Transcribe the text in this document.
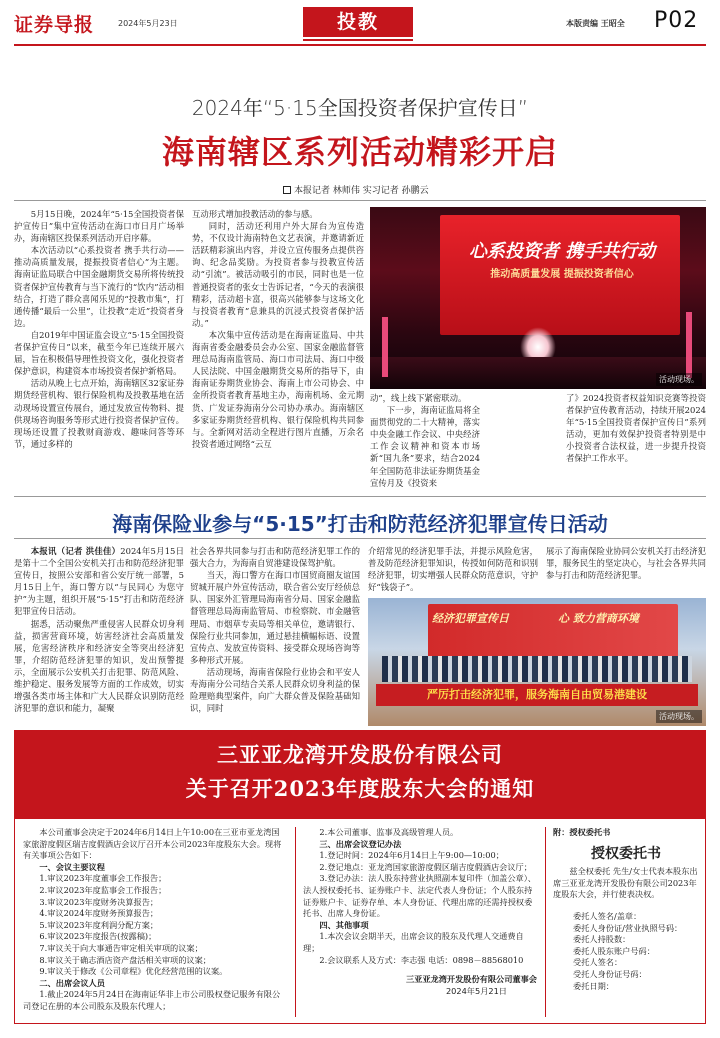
证券导报	2024年5月23日	投教	本版责编 王昭全 P02
2024年“5·15全国投资者保护宣传日”
海南辖区系列活动精彩开启
本报记者 林师伟 实习记者 孙鹏云

5月15日晚，2024年“5·15全国投资者保护宣传日”集中宣传活动在海口市日月广场举办，海南辖区投保系列活动开启序幕。

本次活动以“心系投资者 携手共行动——推动高质量发展，提振投资者信心”为主题。海南证监局联合中国金融期货交易所将传统投资者保护宣传教育与当下流行的“饮内”活动相结合，打造了群众喜闻乐见的“投教市集”，打通传播“最后一公里”，让投教“走近”投资者身边。

自2019年中国证监会设立“5·15全国投资者保护宣传日”以来，截至今年已连续开展六届，旨在积极倡导理性投资文化，强化投资者保护意识，构建资本市场投资者保护新格局。

活动从晚上七点开始，海南辖区32家证券期货经营机构、银行保险机构及投教基地在活动现场设置宣传展台，通过发放宣传物料、提供现场咨询服务等形式进行投资者保护宣传。现场还设置了投教财商游戏、趣味问答等环节，通过多样的

互动形式增加投教活动的参与感。

同时，活动还利用户外大屏台为宣传造势，不仅设计海南特色文艺表演，并邀请新近活跃精彩演出内容，并设立宣传服务点提供咨询、纪念品奖励。为投资者参与投教宣传活动“引流”。被活动吸引的市民，同时也是一位普通投资者的张女士告诉记者，“今天的表演很精彩，活动超卡富，很高兴能够参与这场文化与投资者教育”息兼具的沉浸式投资者保护活动。”

本次集中宣传活动是在海南证监局、中共海南省委金融委员会办公室、国家金融监督管理总局海南监管局、海口市司法局、海口中级人民法院、中国金融期货交易所的指导下，由海南证券期货业协会、海南上市公司协会、中金所投资者教育基地主办，海南机场、金元期货、广发证券海南分公司协办承办。海南辖区多家证券期货经营机构、银行保险机构共同参与。全新网对活动全程进行图片直播，万余名投资者通过网络“云互

心系投资者 携手共行动
推动高质量发展 提振投资者信心
活动现场。

动”，线上线下紧密联动。

下一步，海南证监局将全面贯彻党的二十大精神，落实中央金融工作会议、中央经济工作会议精神和资本市场新“国九条”要求，结合2024年全国防范非法证券期货基金宣传月及《投资来

了》2024投资者权益知识竞赛等投资者保护宣传教育活动，持续开展2024年“5·15全国投资者保护宣传日”系列活动，更加有效保护投资者特别是中小投资者合法权益，进一步提升投资者保护工作水平。

海南保险业参与“5·15”打击和防范经济犯罪宣传日活动

本报讯（记者 洪佳佳）2024年5月15日是第十二个全国公安机关打击和防范经济犯罪宣传日，按照公安部和省公安厅统一部署，5月15日上午，海口警方以“与民同心 为您守护”为主题，组织开展“5·15”打击和防范经济犯罪宣传日活动。

据悉，活动聚焦严重侵害人民群众切身利益，损害营商环境，妨害经济社会高质量发展，危害经济秩序和经济安全等突出经济犯罪，介绍防范经济犯罪的知识，发出预警提示，全面展示公安机关打击犯罪、防范风险、维护稳定、服务发展等方面的工作成效，切实增强各类市场主体和广大人民群众识别防范经济犯罪的意识和能力，凝聚

社会各界共同参与打击和防范经济犯罪工作的强大合力，为海南自贸港建设保驾护航。

当天，海口警方在海口市国贸商圈友谊国贸城开展户外宣传活动，联合省公安厅经侦总队、国家外汇管理局海南省分局、国家金融监督管理总局海南监管局、市检察院、市金融管理局、市烟草专卖局等相关单位，邀请银行、保险行业共同参加，通过悬挂横幅标语、设置宣传点、发放宣传资料、接受群众现场咨询等多种形式开展。

活动现场，海南省保险行业协会和平安人寿海南分公司结合关系人民群众切身利益的保险理赔典型案件，向广大群众普及保险基础知识，同时

介绍常见的经济犯罪手法，并提示风险危害，普及防范经济犯罪知识，传授如何防范和识别经济犯罪，切实增强人民群众防范意识，守护好“钱袋子”。

展示了海南保险业协同公安机关打击经济犯罪，服务民生的坚定决心，与社会各界共同参与打击和防范经济犯罪。

经济犯罪宣传日	心 致力营商环境
严厉打击经济犯罪，服务海南自由贸易港建设
活动现场。
三亚亚龙湾开发股份有限公司
关于召开2023年度股东大会的通知
本公司董事会决定于2024年6月14日上午10:00在三亚市亚龙湾国家旅游度假区瑞吉度假酒店会议厅召开本公司2023年度股东大会。现将有关事项公告如下：
一、会议主要议程
1.审议2023年度董事会工作报告；
2.审议2023年度监事会工作报告；
3.审议2023年度财务决算报告；
4.审议2024年度财务预算报告；
5.审议2023年度利润分配方案；
6.审议2023年度报告(按露稿)；
7.审议关于向大事通告审定相关审项的议案；
8.审议关于确志酒店资产盘活相关审项的议案；
9.审议关于修改《公司章程》优化经营范围的议案。
二、出席会议人员
1.截止2024年5月24日在海南证华非上市公司股权登记服务有限公司登记在册的本公司股东及股东代理人；
2.本公司董事、监事及高级管理人员。
三、出席会议登记办法
1.登记时间：2024年6月14日上午9:00—10:00；
2.登记地点：亚龙湾国家旅游度假区瑞吉度假酒店会议厅；
3.登记办法：法人股东持营业执照副本复印件（加盖公章）、法人授权委托书、证券账户卡、法定代表人身份证；个人股东持证券账户卡、证券存单、本人身份证、代理出席的还需持授权委托书、出席人身份证。
四、其他事项
1.本次会议会期半天，出席会议的股东及代理人交通费自理；
2.会议联系人及方式：李志强 电话：0898－88568010
三亚亚龙湾开发股份有限公司董事会
2024年5月21日
附：授权委托书
授权委托书
兹全权委托 先生/女士代表本股东出席三亚亚龙湾开发股份有限公司2023年度股东大会，并行使表决权。
委托人签名/盖章：
委托人身份证/营业执照号码：
委托人持股数：
委托人股东账户号码：
受托人签名：
受托人身份证号码：
委托日期：
